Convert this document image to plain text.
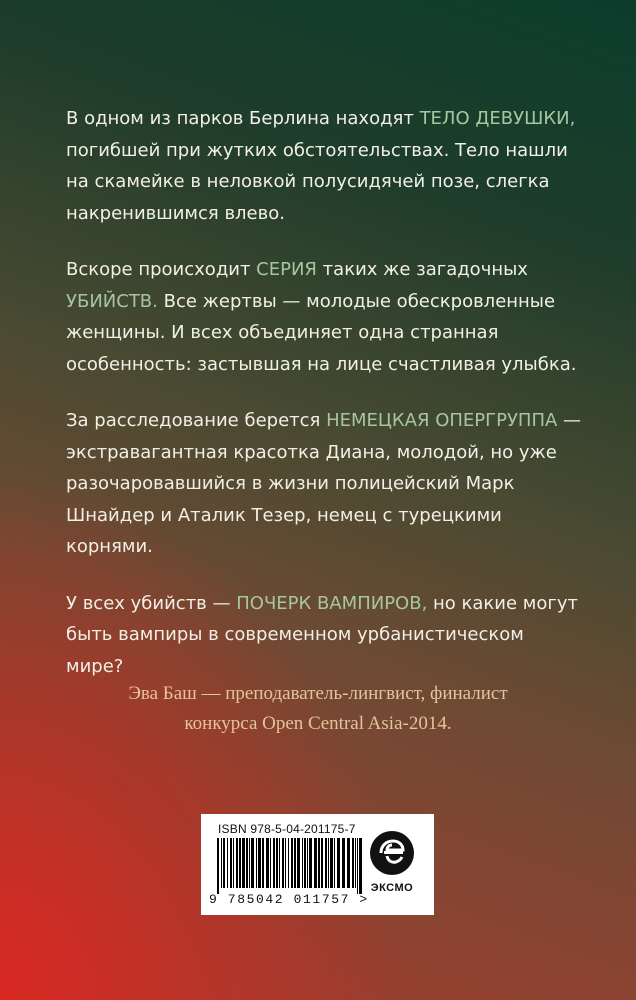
В одном из парков Берлина находят ТЕЛО ДЕВУШКИ, погибшей при жутких обстоятельствах. Тело нашли на скамейке в неловкой полусидячей позе, слегка накренившимся влево.

Вскоре происходит СЕРИЯ таких же загадочных УБИЙСТВ. Все жертвы — молодые обескровленные женщины. И всех объединяет одна странная особенность: застывшая на лице счастливая улыбка.

За расследование берется НЕМЕЦКАЯ ОПЕРГРУППА — экстравагантная красотка Диана, молодой, но уже разочаровавшийся в жизни полицейский Марк Шнайдер и Аталик Тезер, немец с турецкими корнями.

У всех убийств — ПОЧЕРК ВАМПИРОВ, но какие могут быть вампиры в современном урбанистическом мире?

Эва Баш — преподаватель-лингвист, финалист
конкурса Open Central Asia-2014.
ISBN 978-5-04-201175-7
9 785042 011757 >
ЭКСМО
